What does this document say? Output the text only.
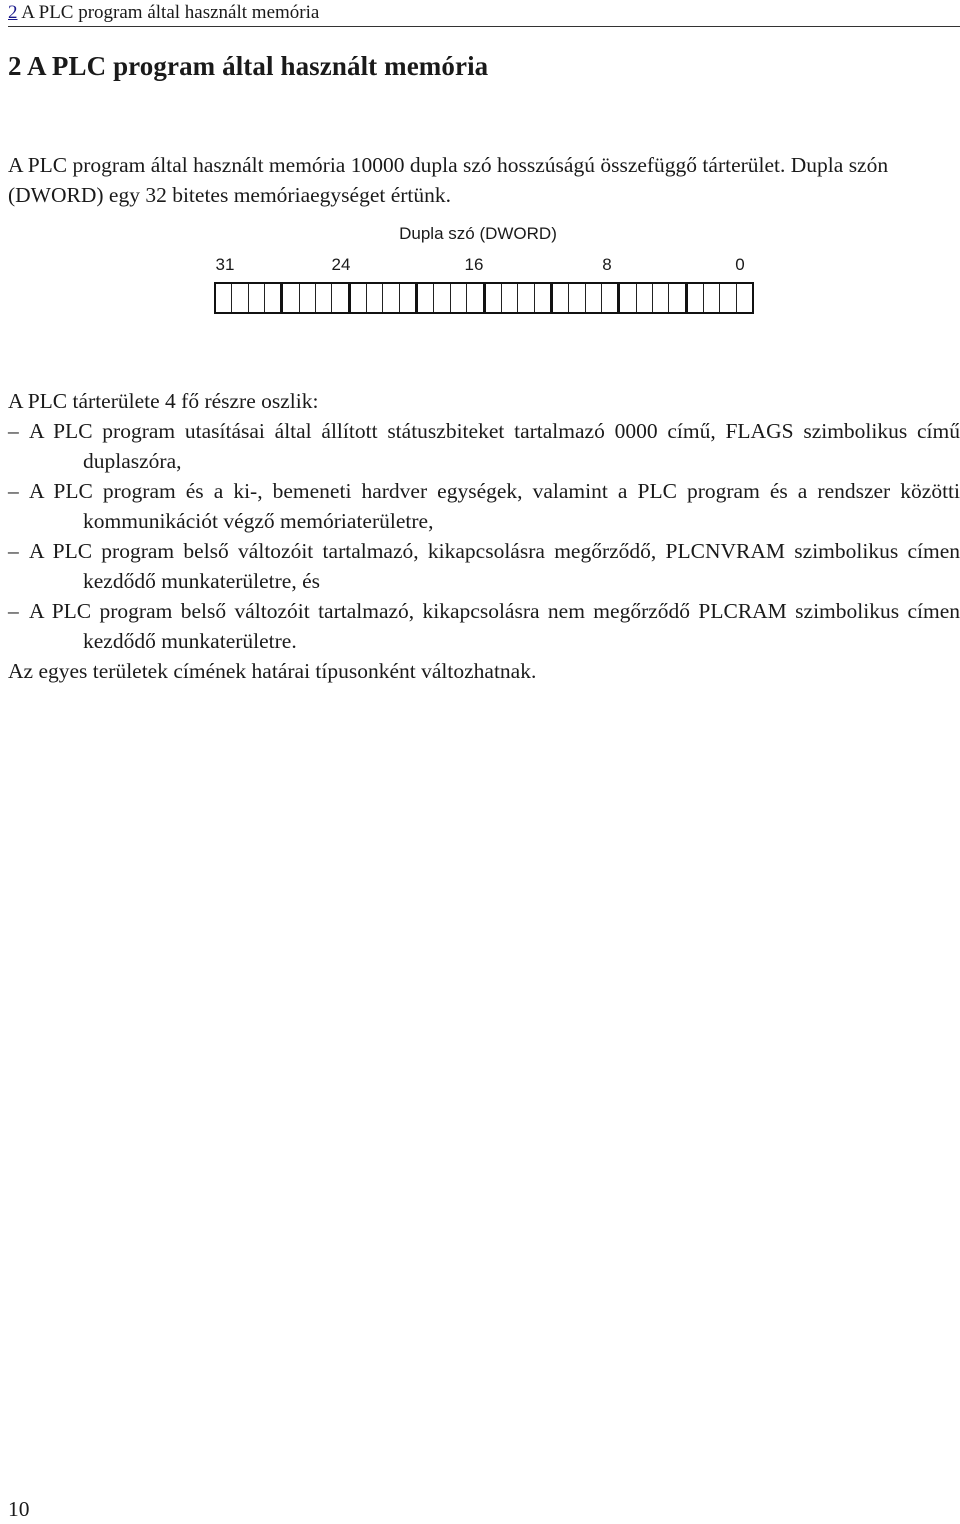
2 A PLC program által használt memória
2 A PLC program által használt memória

A PLC program által használt memória 10000 dupla szó hosszúságú összefüggő tárterület. Dupla szón (DWORD) egy 32 bitetes memóriaegységet értünk.

Dupla szó (DWORD)
31	24	16	8	0

A PLC tárterülete 4 fő részre oszlik:

– A PLC program utasításai által állított státuszbiteket tartalmazó 0000 című, FLAGS szimbolikus című duplaszóra,

– A PLC program és a ki-, bemeneti hardver egységek, valamint a PLC program és a rendszer közötti kommunikációt végző memóriaterületre,

– A PLC program belső változóit tartalmazó, kikapcsolásra megőrződő, PLCNVRAM szimbolikus címen kezdődő munkaterületre, és

– A PLC program belső változóit tartalmazó, kikapcsolásra nem megőrződő PLCRAM szimbolikus címen kezdődő munkaterületre.

Az egyes területek címének határai típusonként változhatnak.

10
